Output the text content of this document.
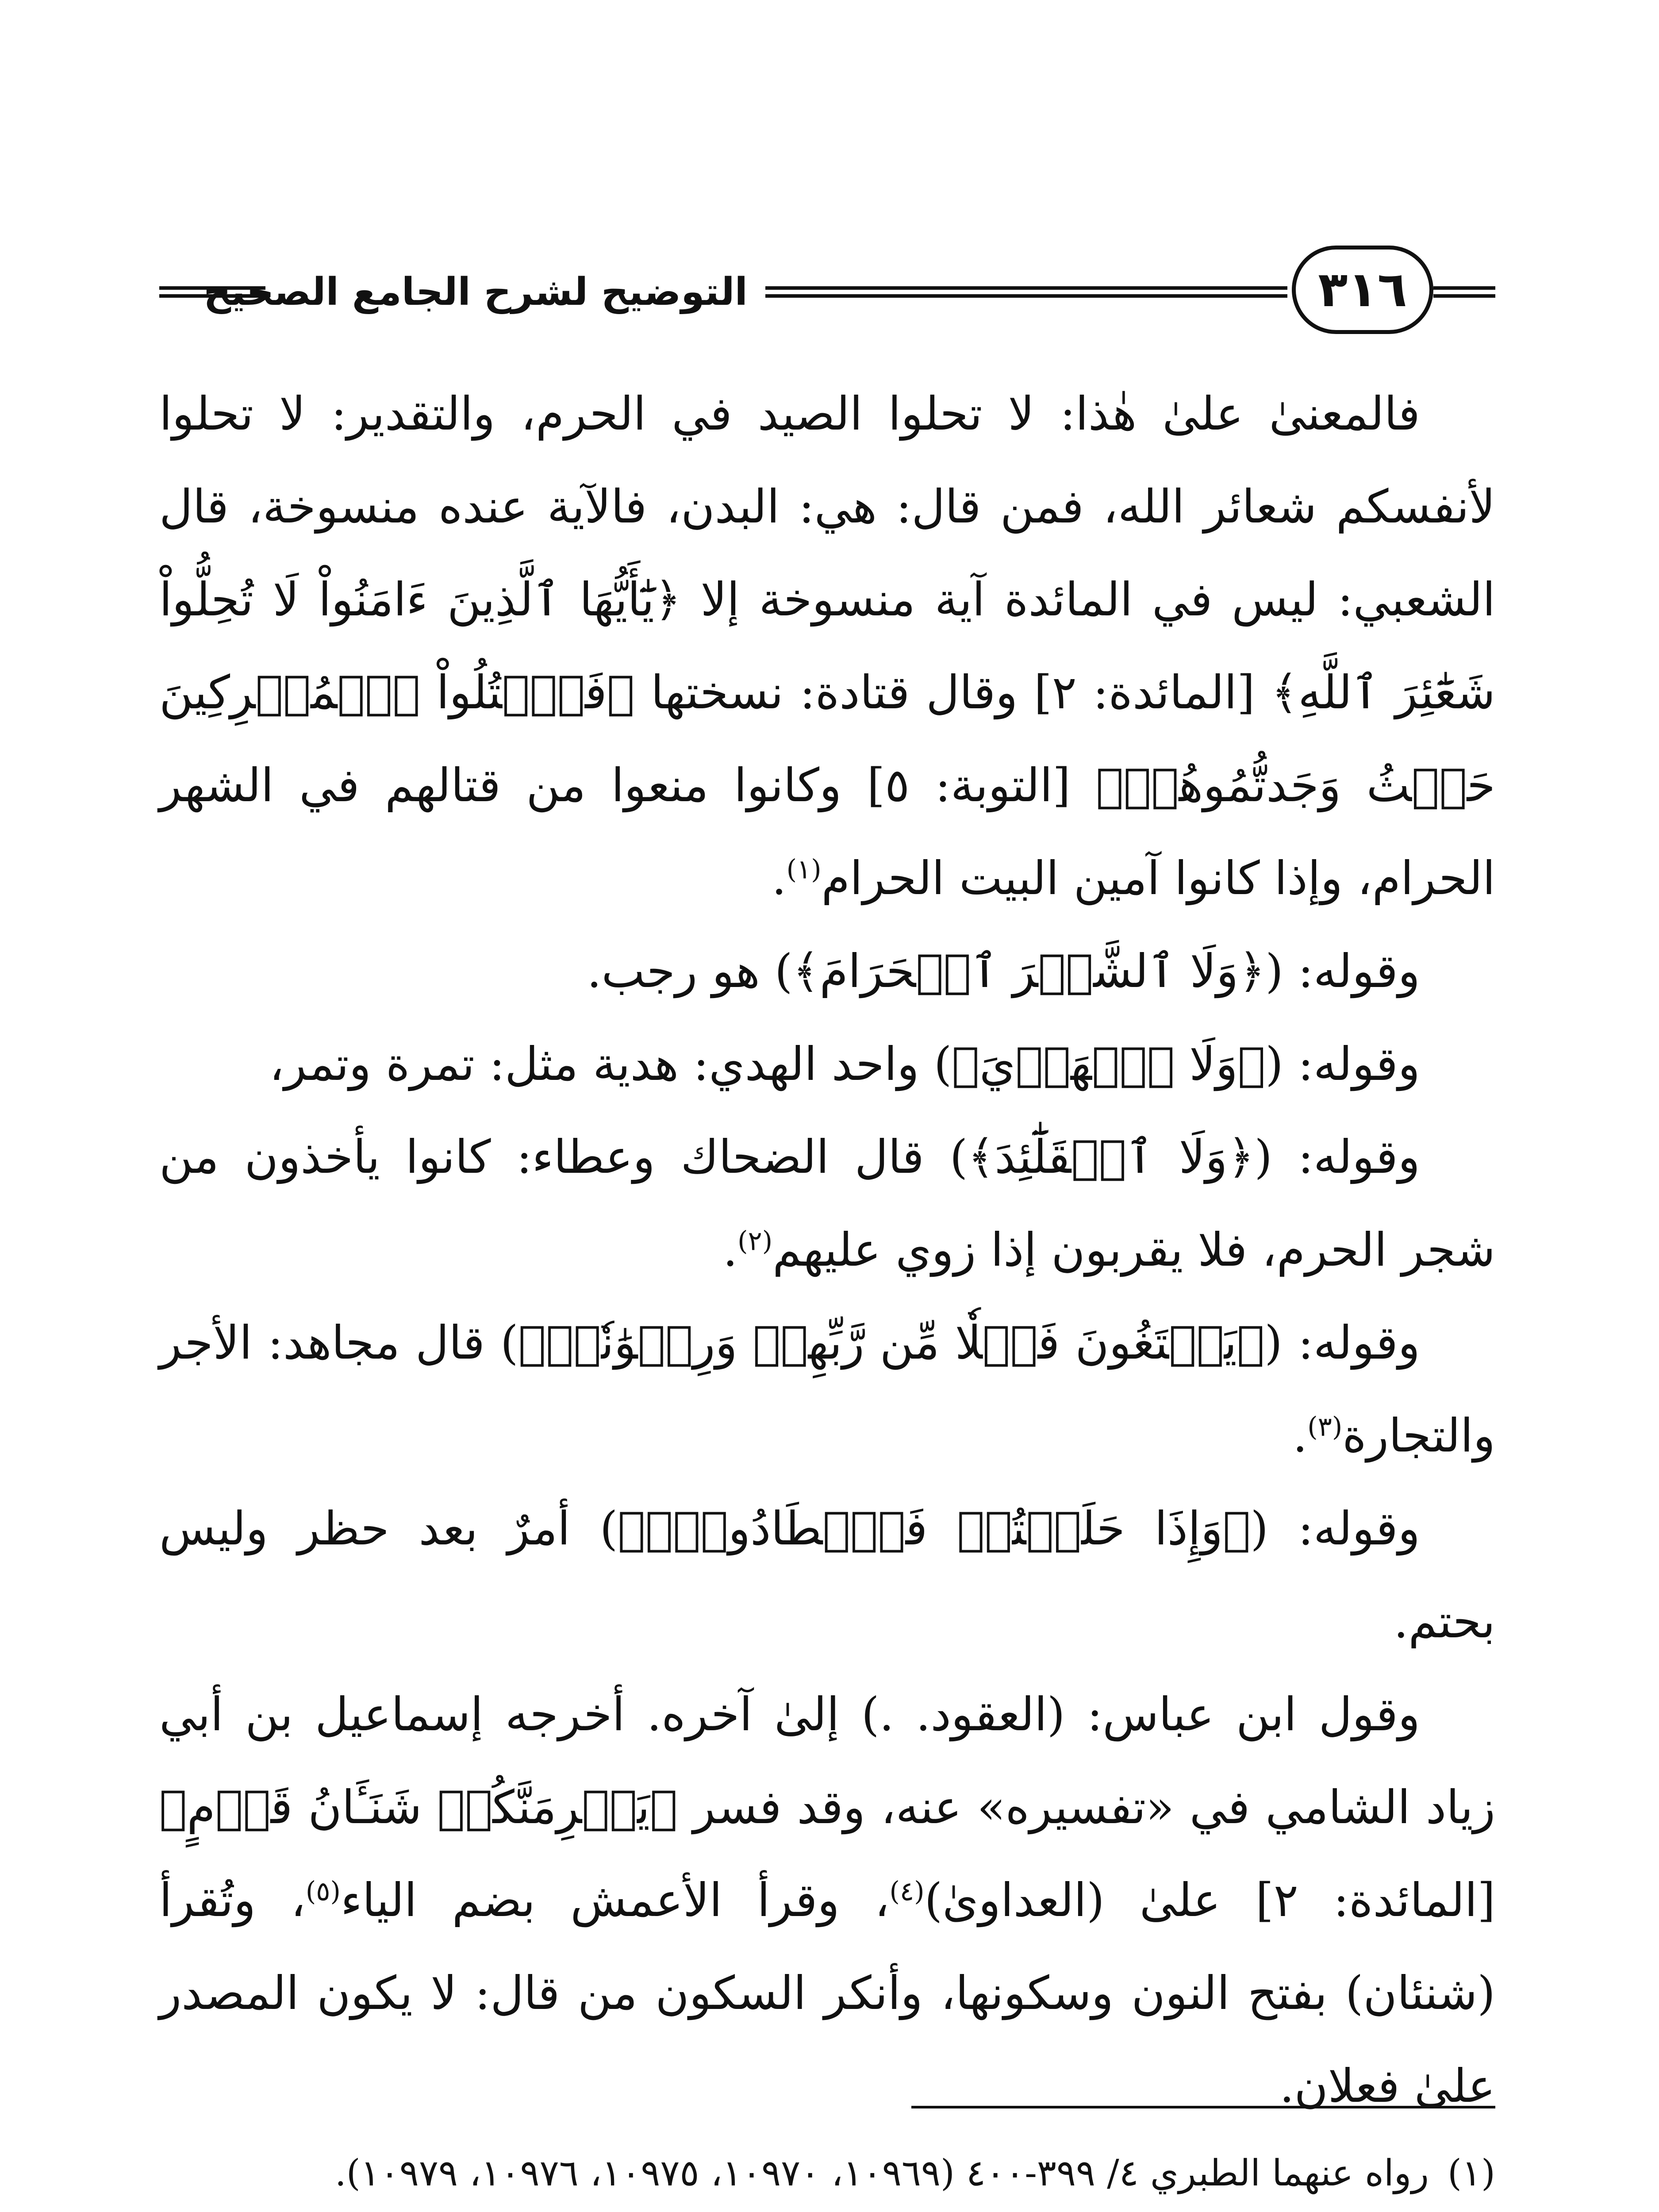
٣١٦
التوضيح لشرح الجامع الصحيح

فالمعنىٰ علىٰ هٰذا: لا تحلوا الصيد في الحرم، والتقدير: لا تحلوا لأنفسكم شعائر الله، فمن قال: هي: البدن، فالآية عنده منسوخة، قال الشعبي: ليس في المائدة آية منسوخة إلا ﴿يَٰٓأَيُّهَا ٱلَّذِينَ ءَامَنُواْ لَا تُحِلُّواْ شَعَٰٓئِرَ ٱللَّهِ﴾ [المائدة: ٢] وقال قتادة: نسختها ﴿فَٱقۡتُلُواْ ٱلۡمُشۡرِكِينَ حَيۡثُ وَجَدتُّمُوهُمۡ﴾ [التوبة: ٥] وكانوا منعوا من قتالهم في الشهر الحرام، وإذا كانوا آمين البيت الحرام$^{(١)}$.

وقوله: (﴿وَلَا ٱلشَّهۡرَ ٱلۡحَرَامَ﴾) هو رجب.

وقوله: (﴿وَلَا ٱلۡهَدۡيَ﴾) واحد الهدي: هدية مثل: تمرة وتمر،

وقوله: (﴿وَلَا ٱلۡقَلَٰٓئِدَ﴾) قال الضحاك وعطاء: كانوا يأخذون من شجر الحرم، فلا يقربون إذا زوي عليهم$^{(٢)}$.

وقوله: (﴿يَبۡتَغُونَ فَضۡلٗا مِّن رَّبِّهِمۡ وَرِضۡوَٰنٗاۚ﴾) قال مجاهد: الأجر والتجارة$^{(٣)}$.

وقوله: (﴿وَإِذَا حَلَلۡتُمۡ فَٱصۡطَادُواْۚ﴾) أمرٌ بعد حظر وليس بحتم.

وقول ابن عباس: (العقود. .) إلىٰ آخره. أخرجه إسماعيل بن أبي زياد الشامي في «تفسيره» عنه، وقد فسر ﴿يَجۡرِمَنَّكُمۡ شَنَـَٔانُ قَوۡمٍ﴾ [المائدة: ٢] علىٰ (العداوىٰ)$^{(٤)}$، وقرأ الأعمش بضم الياء$^{(٥)}$، وتُقرأ (شنئان) بفتح النون وسكونها، وأنكر السكون من قال: لا يكون المصدر علىٰ فعلان.

(١)
رواه عنهما الطبري ٤/ ٣٩٩-٤٠٠ (١٠٩٦٩، ١٠٩٧٠، ١٠٩٧٥، ١٠٩٧٦، ١٠٩٧٩).
